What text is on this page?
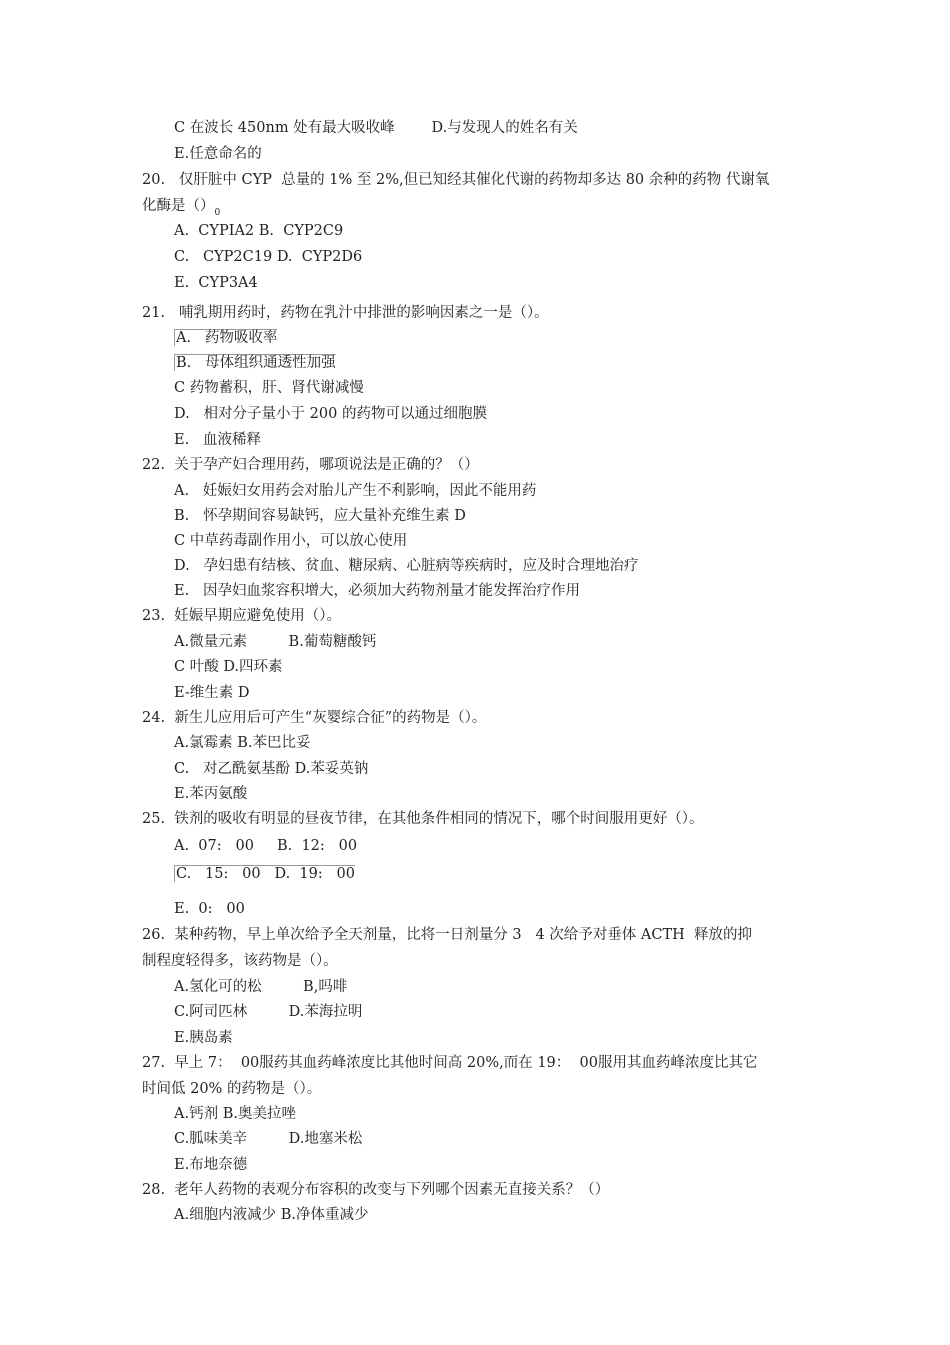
C 在波长 450nm 处有最大吸收峰        D.与发现人的姓名有关
E.任意命名的
20.   仅肝脏中 CYP  总量的 1% 至 2%,但已知经其催化代谢的药物却多达 80 余种的药物 代谢氧
化酶是$()_0$
A.  CYPIA2 B.  CYP2C9
C.   CYP2C19 D.  CYP2D6
E.  CYP3A4
21.   哺乳期用药时，药物在乳汁中排泄的影响因素之一是（）。
A.   药物吸收率
B.   母体组织通透性加强
C 药物蓄积，肝、肾代谢减慢
D.   相对分子量小于 200 的药物可以通过细胞膜
E.   血液稀释
22.  关于孕产妇合理用药，哪项说法是正确的？（）
A.   妊娠妇女用药会对胎儿产生不利影响，因此不能用药
B.   怀孕期间容易缺钙，应大量补充维生素 D
C 中草药毒副作用小，可以放心使用
D.   孕妇患有结核、贫血、糖尿病、心脏病等疾病时，应及时合理地治疗
E.   因孕妇血浆容积增大，必须加大药物剂量才能发挥治疗作用
23.  妊娠早期应避免使用（）。
A.微量元素         B.葡萄糖酸钙
C 叶酸 D.四环素
E-维生素 D
24.  新生儿应用后可产生“灰婴综合征”的药物是（）。
A.氯霉素 B.苯巴比妥
C.   对乙酰氨基酚 D.苯妥英钠
E.苯丙氨酸
25.  铁剂的吸收有明显的昼夜节律，在其他条件相同的情况下，哪个时间服用更好（）。
A.  07:   00     B.  12:   00
C.   15:   00   D.  19:   00
E.  0:   00
26.  某种药物，早上单次给予全天剂量，比将一日剂量分 3   4 次给予对垂体 ACTH  释放的抑
制程度轻得多，该药物是（）。
A.氢化可的松         B,吗啡
C.阿司匹林         D.苯海拉明
E.胰岛素
27.  早上 7：  00服药其血药峰浓度比其他时间高 20%,而在 19：  00服用其血药峰浓度比其它
时间低 20% 的药物是（）。
A.钙剂 B.奥美拉唑
C.胍味美辛         D.地塞米松
E.布地奈德
28.  老年人药物的表观分布容积的改变与下列哪个因素无直接关系？（）
A.细胞内液减少 B.净体重减少
